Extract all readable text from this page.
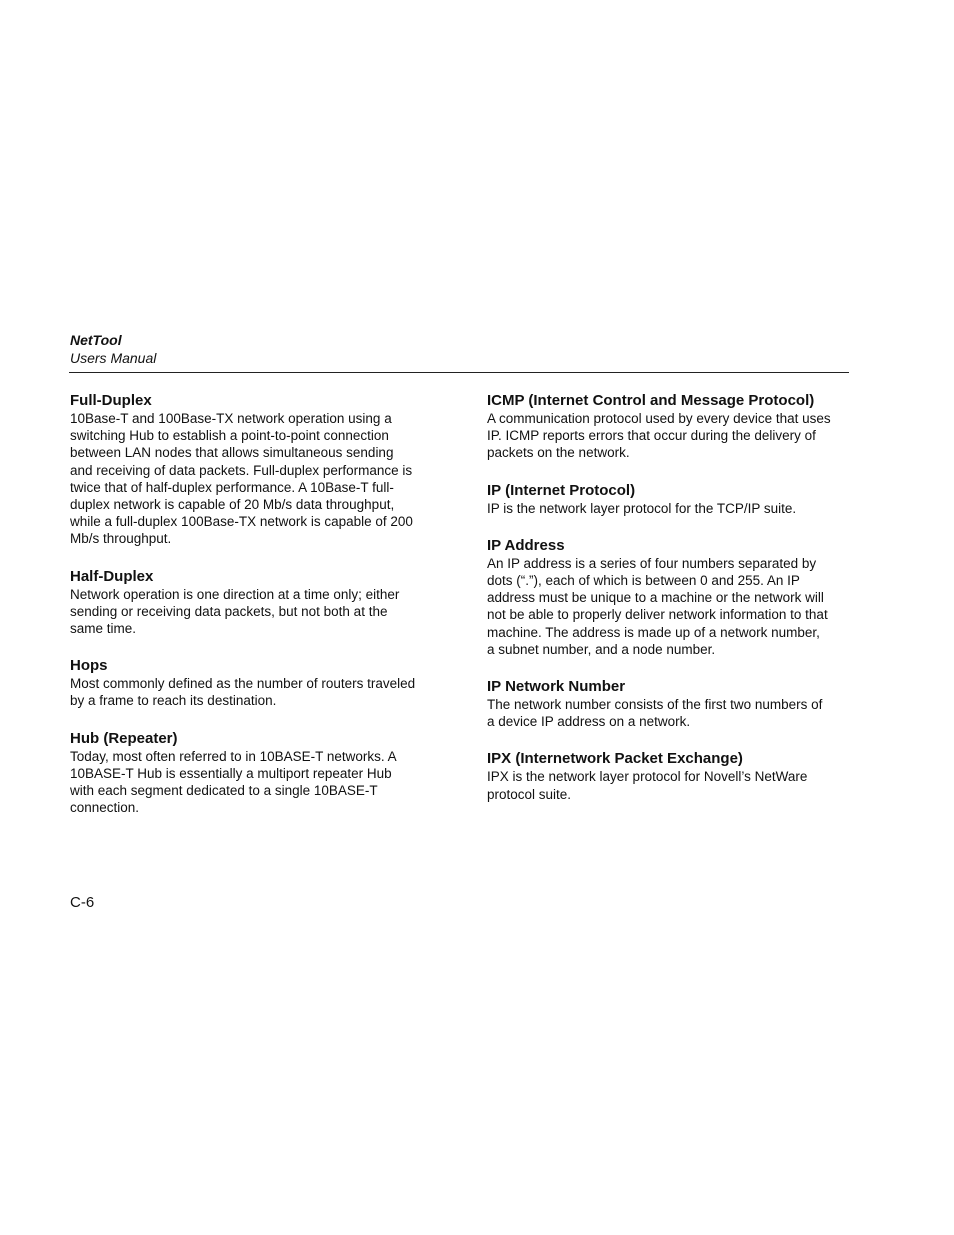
NetTool
Users Manual
Full-Duplex
10Base-T and 100Base-TX network operation using a
switching Hub to establish a point-to-point connection
between LAN nodes that allows simultaneous sending
and receiving of data packets. Full-duplex performance is
twice that of half-duplex performance. A 10Base-T full-
duplex network is capable of 20 Mb/s data throughput,
while a full-duplex 100Base-TX network is capable of 200
Mb/s throughput.
Half-Duplex
Network operation is one direction at a time only; either
sending or receiving data packets, but not both at the
same time.
Hops
Most commonly defined as the number of routers traveled
by a frame to reach its destination.
Hub (Repeater)
Today, most often referred to in 10BASE-T networks. A
10BASE-T Hub is essentially a multiport repeater Hub
with each segment dedicated to a single 10BASE-T
connection.
ICMP (Internet Control and Message Protocol)
A communication protocol used by every device that uses
IP. ICMP reports errors that occur during the delivery of
packets on the network.
IP (Internet Protocol)
IP is the network layer protocol for the TCP/IP suite.
IP Address
An IP address is a series of four numbers separated by
dots (“.”), each of which is between 0 and 255. An IP
address must be unique to a machine or the network will
not be able to properly deliver network information to that
machine. The address is made up of a network number,
a subnet number, and a node number.
IP Network Number
The network number consists of the first two numbers of
a device IP address on a network.
IPX (Internetwork Packet Exchange)
IPX is the network layer protocol for Novell’s NetWare
protocol suite.
C-6
